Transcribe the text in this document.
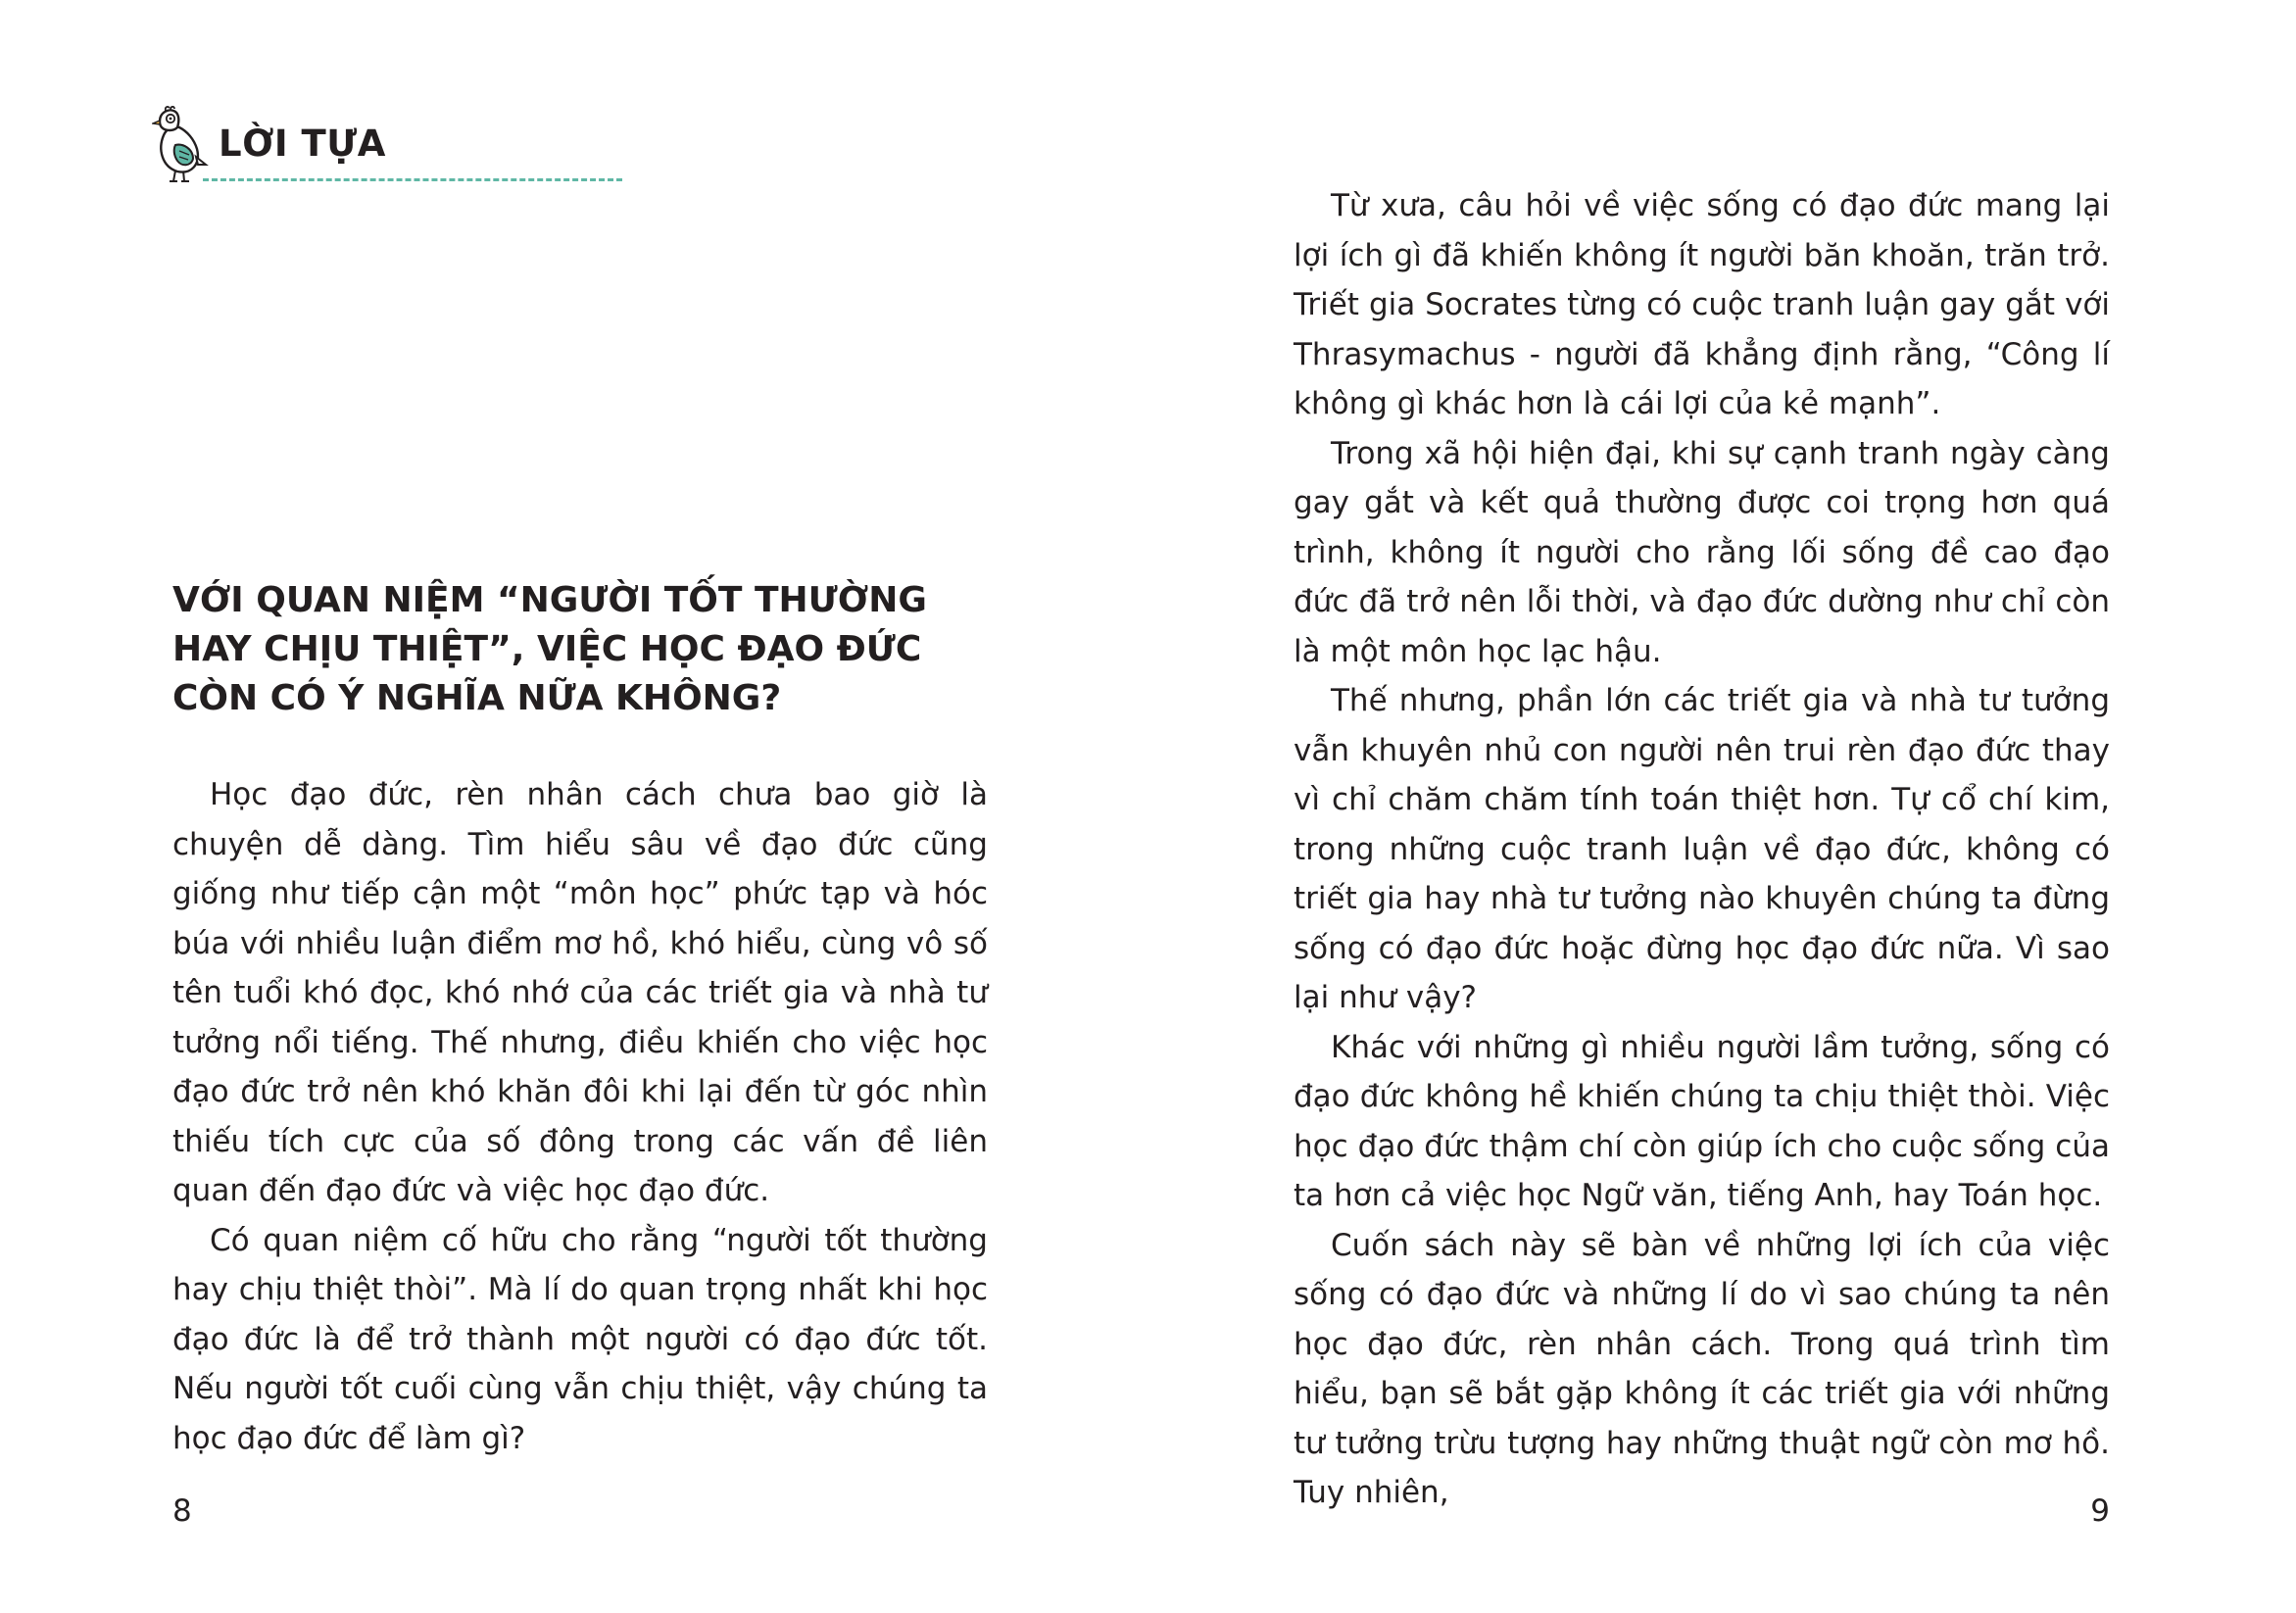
LỜI TỰA
VỚI QUAN NIỆM “NGƯỜI TỐT THƯỜNG HAY CHỊU THIỆT”, VIỆC HỌC ĐẠO ĐỨC CÒN CÓ Ý NGHĨA NỮA KHÔNG?

Học đạo đức, rèn nhân cách chưa bao giờ là chuyện dễ dàng. Tìm hiểu sâu về đạo đức cũng giống như tiếp cận một “môn học” phức tạp và hóc búa với nhiều luận điểm mơ hồ, khó hiểu, cùng vô số tên tuổi khó đọc, khó nhớ của các triết gia và nhà tư tưởng nổi tiếng. Thế nhưng, điều khiến cho việc học đạo đức trở nên khó khăn đôi khi lại đến từ góc nhìn thiếu tích cực của số đông trong các vấn đề liên quan đến đạo đức và việc học đạo đức.

Có quan niệm cố hữu cho rằng “người tốt thường hay chịu thiệt thòi”. Mà lí do quan trọng nhất khi học đạo đức là để trở thành một người có đạo đức tốt. Nếu người tốt cuối cùng vẫn chịu thiệt, vậy chúng ta học đạo đức để làm gì?

8

Từ xưa, câu hỏi về việc sống có đạo đức mang lại lợi ích gì đã khiến không ít người băn khoăn, trăn trở. Triết gia Socrates từng có cuộc tranh luận gay gắt với Thrasymachus - người đã khẳng định rằng, “Công lí không gì khác hơn là cái lợi của kẻ mạnh”.

Trong xã hội hiện đại, khi sự cạnh tranh ngày càng gay gắt và kết quả thường được coi trọng hơn quá trình, không ít người cho rằng lối sống đề cao đạo đức đã trở nên lỗi thời, và đạo đức dường như chỉ còn là một môn học lạc hậu.

Thế nhưng, phần lớn các triết gia và nhà tư tưởng vẫn khuyên nhủ con người nên trui rèn đạo đức thay vì chỉ chăm chăm tính toán thiệt hơn. Tự cổ chí kim, trong những cuộc tranh luận về đạo đức, không có triết gia hay nhà tư tưởng nào khuyên chúng ta đừng sống có đạo đức hoặc đừng học đạo đức nữa. Vì sao lại như vậy?

Khác với những gì nhiều người lầm tưởng, sống có đạo đức không hề khiến chúng ta chịu thiệt thòi. Việc học đạo đức thậm chí còn giúp ích cho cuộc sống của ta hơn cả việc học Ngữ văn, tiếng Anh, hay Toán học.

Cuốn sách này sẽ bàn về những lợi ích của việc sống có đạo đức và những lí do vì sao chúng ta nên học đạo đức, rèn nhân cách. Trong quá trình tìm hiểu, bạn sẽ bắt gặp không ít các triết gia với những tư tưởng trừu tượng hay những thuật ngữ còn mơ hồ. Tuy nhiên,

9
